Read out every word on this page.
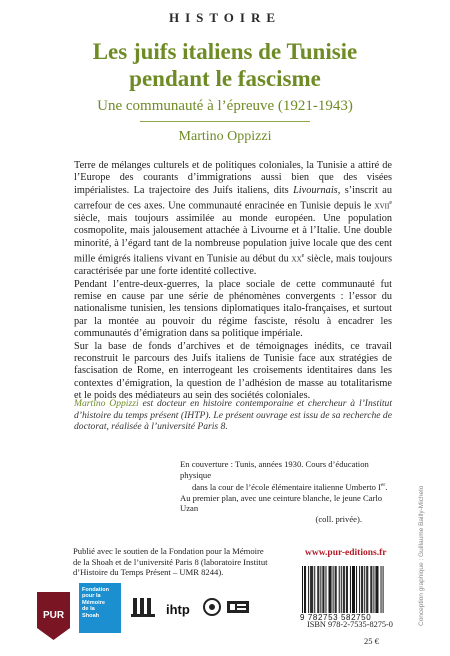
HISTOIRE
Les juifs italiens de Tunisie
pendant le fascisme
Une communauté à l’épreuve (1921-1943)
Martino Oppizzi

Terre de mélanges culturels et de politiques coloniales, la Tunisie a attiré de l’Europe des courants d’immigrations aussi bien que des visées impérialistes. La trajectoire des Juifs italiens, dits Livournais, s’inscrit au carrefour de ces axes. Une communauté enracinée en Tunisie depuis le xvii$^e$ siècle, mais toujours assimilée au monde européen. Une population cosmopolite, mais jalousement attachée à Livourne et à l’Italie. Une double minorité, à l’égard tant de la nombreuse population juive locale que des cent mille émigrés italiens vivant en Tunisie au début du $xx^e$ siècle, mais toujours caractérisée par une forte identité collective.

Pendant l’entre-deux-guerres, la place sociale de cette communauté fut remise en cause par une série de phénomènes convergents : l’essor du nationalisme tunisien, les tensions diplomatiques italo-françaises, et surtout par la montée au pouvoir du régime fasciste, résolu à encadrer les communautés d’émigration dans sa politique impériale.

Sur la base de fonds d’archives et de témoignages inédits, ce travail reconstruit le parcours des Juifs italiens de Tunisie face aux stratégies de fascisation de Rome, en interrogeant les croisements identitaires dans les contextes d’émigration, la question de l’adhésion de masse au totalitarisme et le poids des médiateurs au sein des sociétés coloniales.

Martino Oppizzi est docteur en histoire contemporaine et chercheur à l’Institut d’histoire du temps présent (IHTP). Le présent ouvrage est issu de sa recherche de doctorat, réalisée à l’université Paris 8.
En couverture : Tunis, années 1930. Cours d’éducation physique
dans la cour de l’école élémentaire italienne Umberto Ier.
Au premier plan, avec une ceinture blanche, le jeune Carlo Uzan
(coll. privée).	Conception graphique : Guillaume Bailly-Michelo
Publié avec le soutien de la Fondation pour la Mémoire
de la Shoah et de l’université Paris 8 (laboratoire Institut
d’Histoire du Temps Présent – UMR 8244).
www.pur-editions.fr
PUR
Fondation
pour la
Mémoire
de la
Shoah	ihtp
9 782753 582750
ISBN 978-2-7535-8275-0
25 €
